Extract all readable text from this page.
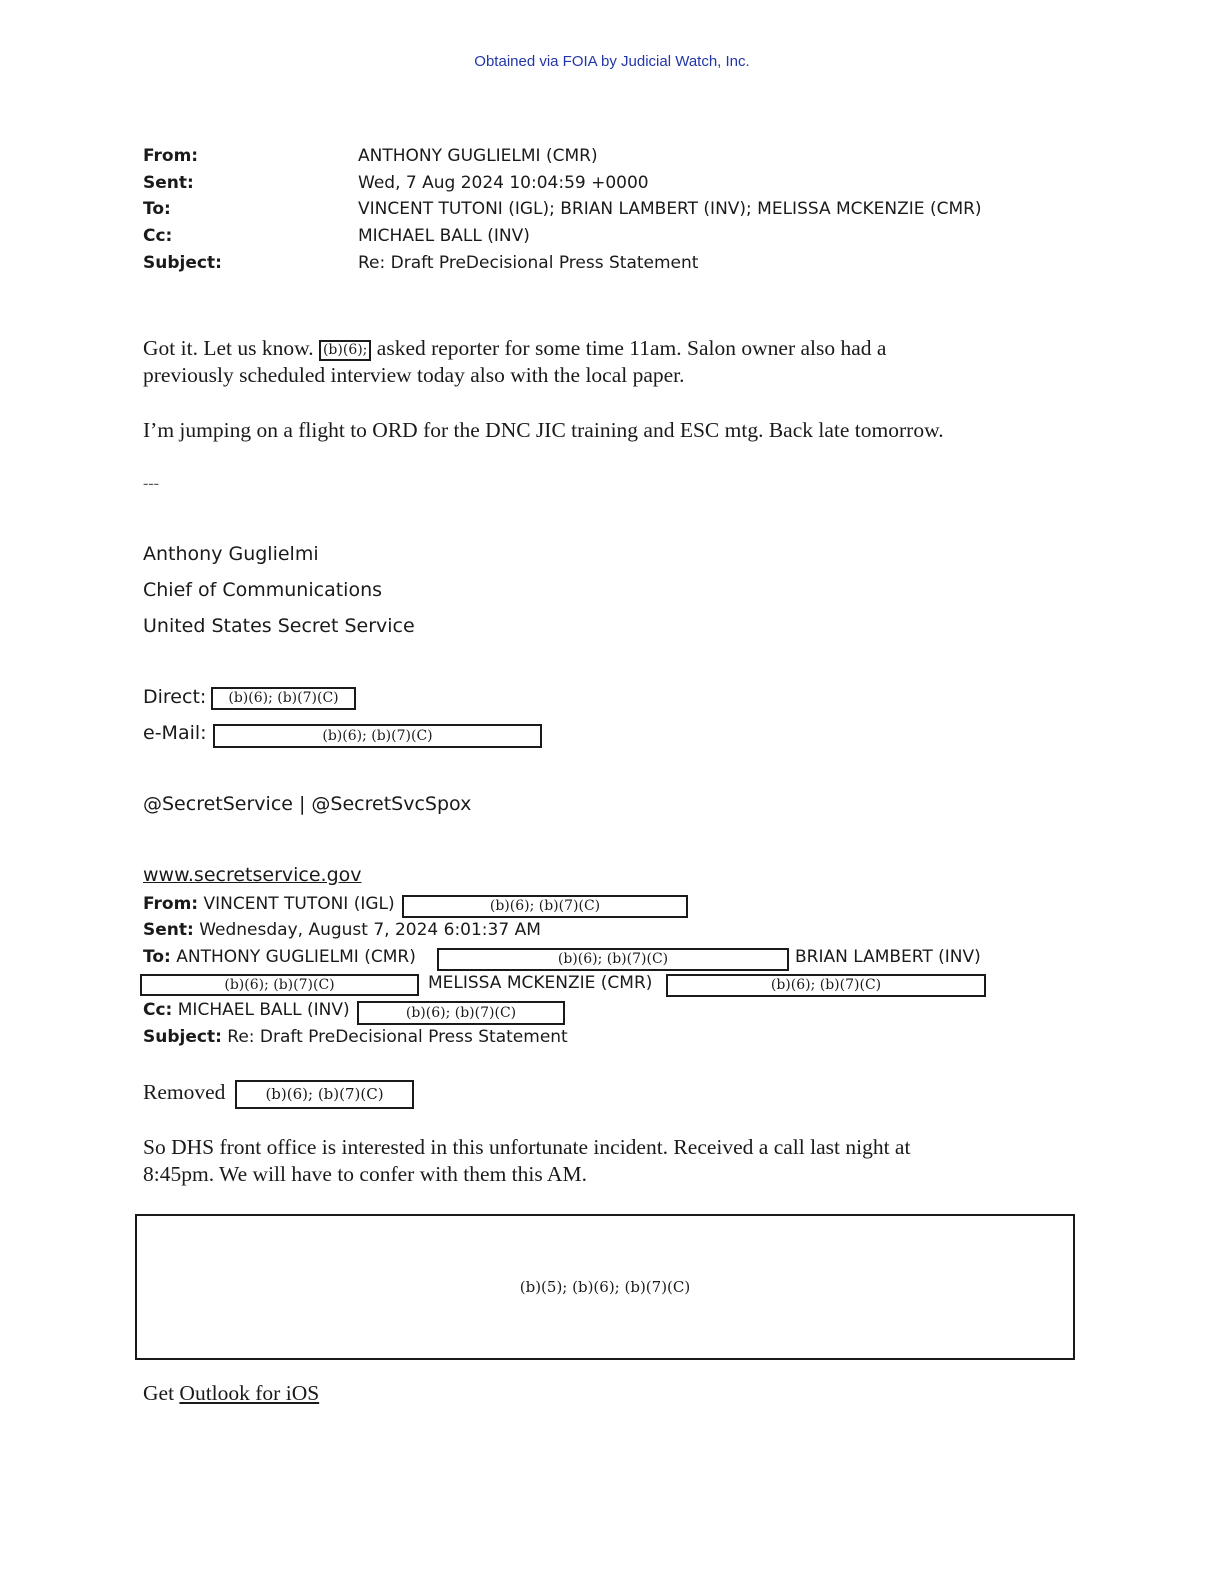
Obtained via FOIA by Judicial Watch, Inc.
From:	ANTHONY GUGLIELMI (CMR)
Sent:	Wed, 7 Aug 2024 10:04:59 +0000
To:	VINCENT TUTONI (IGL); BRIAN LAMBERT (INV); MELISSA MCKENZIE (CMR)
Cc:	MICHAEL BALL (INV)
Subject:	Re: Draft PreDecisional Press Statement
Got it. Let us know. (b)(6); asked reporter for some time 11am. Salon owner also had a
previously scheduled interview today also with the local paper.
I’m jumping on a flight to ORD for the DNC JIC training and ESC mtg. Back late tomorrow.
---
Anthony Guglielmi
Chief of Communications
United States Secret Service
Direct:	(b)(6); (b)(7)(C)
e-Mail:	(b)(6); (b)(7)(C)
@SecretService | @SecretSvcSpox
www.secretservice.gov
From: VINCENT TUTONI (IGL)	(b)(6); (b)(7)(C)
Sent: Wednesday, August 7, 2024 6:01:37 AM
To: ANTHONY GUGLIELMI (CMR)	(b)(6); (b)(7)(C)	BRIAN LAMBERT (INV)
(b)(6); (b)(7)(C)	MELISSA MCKENZIE (CMR)	(b)(6); (b)(7)(C)
Cc: MICHAEL BALL (INV)	(b)(6); (b)(7)(C)
Subject: Re: Draft PreDecisional Press Statement
Removed	(b)(6); (b)(7)(C)
So DHS front office is interested in this unfortunate incident. Received a call last night at
8:45pm. We will have to confer with them this AM.
(b)(5); (b)(6); (b)(7)(C)
Get Outlook for iOS
